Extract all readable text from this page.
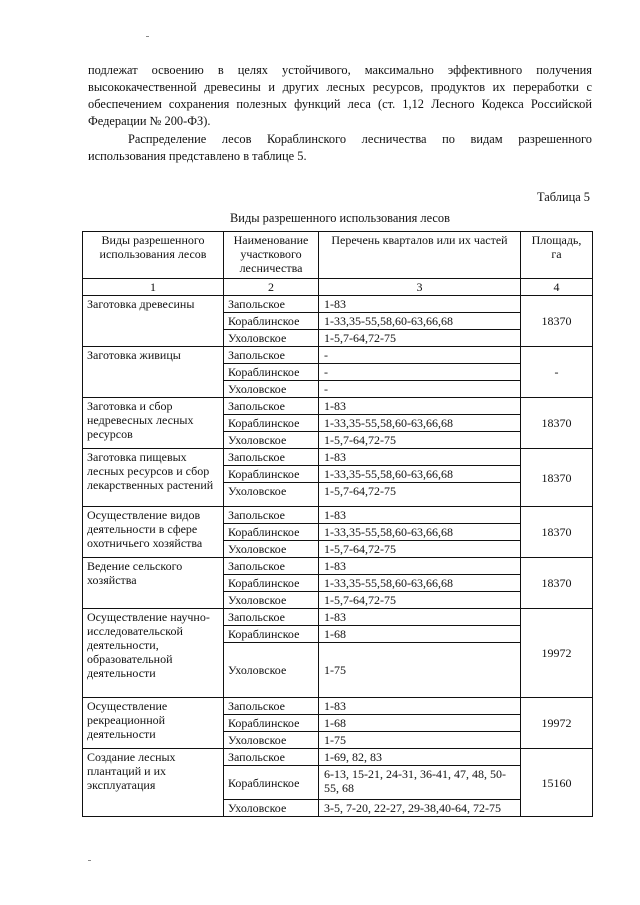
подлежат освоению в целях устойчивого, максимально эффективного получения высококачественной древесины и других лесных ресурсов, продуктов их переработки с обеспечением сохранения полезных функций леса (ст. 1,12 Лесного Кодекса Российской Федерации № 200-ФЗ).
Распределение лесов Кораблинского лесничества по видам разрешенного использования представлено в таблице 5.
Таблица 5
Виды разрешенного использования лесов
Виды разрешенного использования лесов	Наименование участкового лесничества	Перечень кварталов или их частей	Площадь, га
1	2	3	4
Заготовка древесины	Запольское	1-83	18370
	Кораблинское	1-33,35-55,58,60-63,66,68	
	Ухоловское	1-5,7-64,72-75	
Заготовка живицы	Запольское	-	-
	Кораблинское	-	
	Ухоловское	-	
Заготовка и сбор недревесных лесных ресурсов	Запольское	1-83	18370
	Кораблинское	1-33,35-55,58,60-63,66,68	
	Ухоловское	1-5,7-64,72-75	
Заготовка пищевых лесных ресурсов и сбор лекарственных растений	Запольское	1-83	18370
	Кораблинское	1-33,35-55,58,60-63,66,68	
	Ухоловское	1-5,7-64,72-75	
Осуществление видов деятельности в сфере охотничьего хозяйства	Запольское	1-83	18370
	Кораблинское	1-33,35-55,58,60-63,66,68	
	Ухоловское	1-5,7-64,72-75	
Ведение сельского хозяйства	Запольское	1-83	18370
	Кораблинское	1-33,35-55,58,60-63,66,68	
	Ухоловское	1-5,7-64,72-75	
Осуществление научно-исследовательской деятельности, образовательной деятельности	Запольское	1-83	19972
	Кораблинское	1-68	
	Ухоловское	1-75	
Осуществление рекреационной деятельности	Запольское	1-83	19972
	Кораблинское	1-68	
	Ухоловское	1-75	
Создание лесных плантаций и их эксплуатация	Запольское	1-69, 82, 83	15160
	Кораблинское	6-13, 15-21, 24-31, 36-41, 47, 48, 50-55, 68	
	Ухоловское	3-5, 7-20, 22-27, 29-38,40-64, 72-75	
